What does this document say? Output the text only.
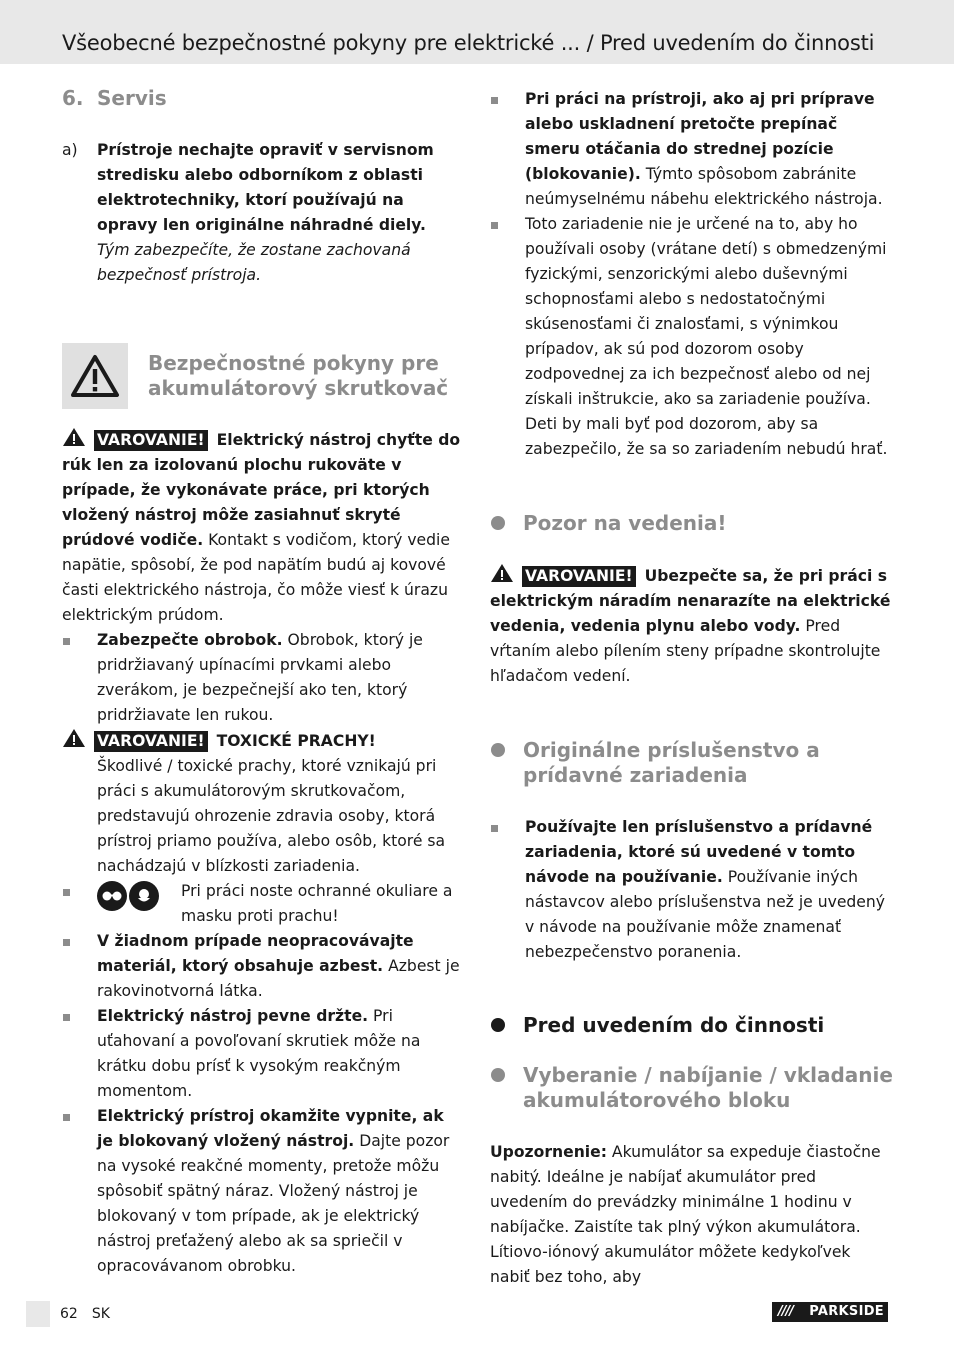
Všeobecné bezpečnostné pokyny pre elektrické ... / Pred uvedením do činnosti
6. Servis
a)	Prístroje nechajte opraviť v servisnom stredisku alebo odborníkom z oblasti elektrotechniky, ktorí používajú na opravy len originálne náhradné diely.
Tým zabezpečíte, že zostane zachovaná bezpečnosť prístroja.
Bezpečnostné pokyny pre akumulátorový skrutkovač
VAROVANIE! Elektrický nástroj chyťte do rúk len za izolovanú plochu rukoväte v prípade, že vykonávate práce, pri ktorých vložený nástroj môže zasiahnuť skryté prúdové vodiče. Kontakt s vodičom, ktorý vedie napätie, spôsobí, že pod napätím budú aj kovové časti elektrického nástroja, čo môže viesť k úrazu elektrickým prúdom.
Zabezpečte obrobok. Obrobok, ktorý je pridržiavaný upínacími prvkami alebo zverákom, je bezpečnejší ako ten, ktorý pridržiavate len rukou.
VAROVANIE! TOXICKÉ PRACHY!
Škodlivé / toxické prachy, ktoré vznikajú pri práci s akumulátorovým skrutkovačom, predstavujú ohrozenie zdravia osoby, ktorá prístroj priamo používa, alebo osôb, ktoré sa nachádzajú v blízkosti zariadenia.
Pri práci noste ochranné okuliare a masku proti prachu!
V žiadnom prípade neopracovávajte materiál, ktorý obsahuje azbest. Azbest je rakovinotvorná látka.
Elektrický nástroj pevne držte. Pri uťahovaní a povoľovaní skrutiek môže na krátku dobu prísť k vysokým reakčným momentom.
Elektrický prístroj okamžite vypnite, ak je blokovaný vložený nástroj. Dajte pozor na vysoké reakčné momenty, pretože môžu spôsobiť spätný náraz. Vložený nástroj je blokovaný v tom prípade, ak je elektrický nástroj preťažený alebo ak sa spriečil v opracovávanom obrobku.
Pri práci na prístroji, ako aj pri príprave alebo uskladnení pretočte prepínač smeru otáčania do strednej pozície (blokovanie). Týmto spôsobom zabránite neúmyselnému nábehu elektrického nástroja.
Toto zariadenie nie je určené na to, aby ho používali osoby (vrátane detí) s obmedzenými fyzickými, senzorickými alebo duševnými schopnosťami alebo s nedostatočnými skúsenosťami či znalosťami, s výnimkou prípadov, ak sú pod dozorom osoby zodpovednej za ich bezpečnosť alebo od nej získali inštrukcie, ako sa zariadenie používa. Deti by mali byť pod dozorom, aby sa zabezpečilo, že sa so zariadením nebudú hrať.
Pozor na vedenia!
VAROVANIE! Ubezpečte sa, že pri práci s elektrickým náradím nenarazíte na elektrické vedenia, vedenia plynu alebo vody. Pred vŕtaním alebo pílením steny prípadne skontrolujte hľadačom vedení.
Originálne príslušenstvo a prídavné zariadenia
Používajte len príslušenstvo a prídavné zariadenia, ktoré sú uvedené v tomto návode na používanie. Používanie iných nástavcov alebo príslušenstva než je uvedený v návode na používanie môže znamenať nebezpečenstvo poranenia.
Pred uvedením do činnosti
Vyberanie / nabíjanie / vkladanie akumulátorového bloku
Upozornenie: Akumulátor sa expeduje čiastočne nabitý. Ideálne je nabíjať akumulátor pred uvedením do prevádzky minimálne 1 hodinu v nabíjačke. Zaistíte tak plný výkon akumulátora. Lítiovo-iónový akumulátor môžete kedykoľvek nabiť bez toho, aby
62 SK	//// PARKSIDE
